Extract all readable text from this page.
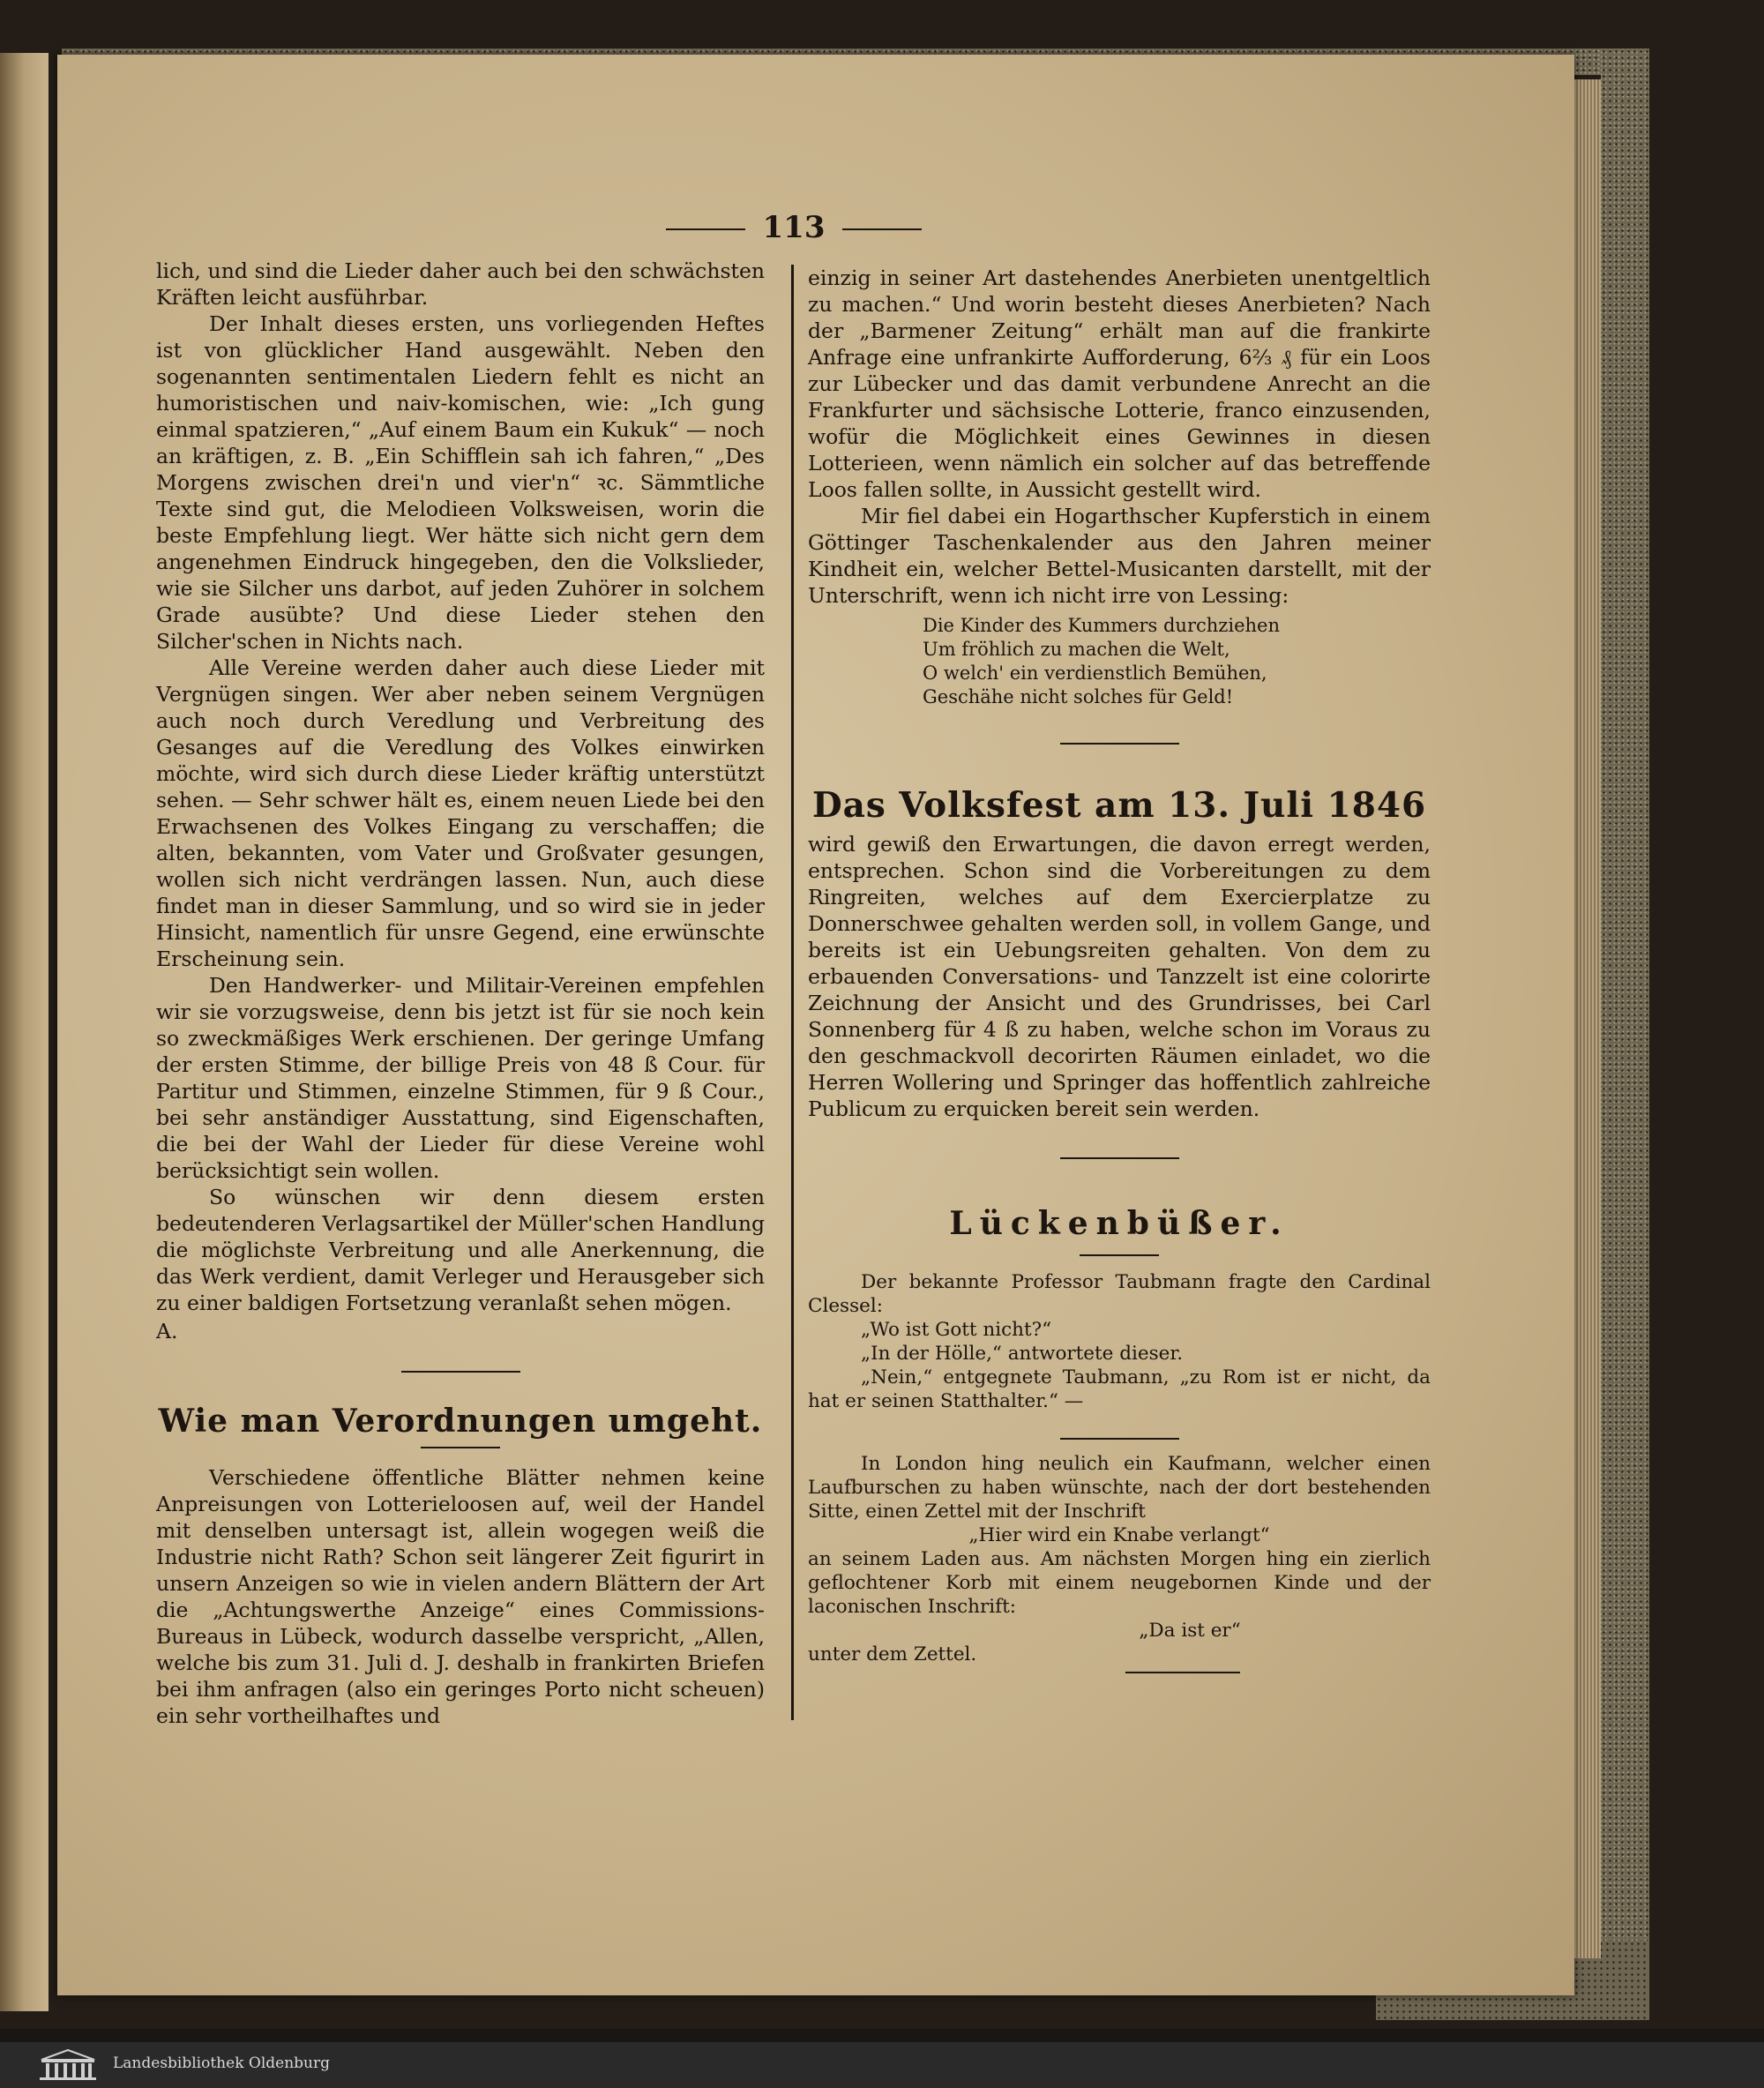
113

lich, und sind die Lieder daher auch bei den schwächsten Kräften leicht ausführbar.

Der Inhalt dieses ersten, uns vorliegenden Heftes ist von glücklicher Hand ausgewählt. Neben den sogenannten sentimentalen Liedern fehlt es nicht an humoristischen und naiv-komischen, wie: „Ich gung einmal spatzieren,“ „Auf einem Baum ein Kukuk“ — noch an kräftigen, z. B. „Ein Schifflein sah ich fahren,“ „Des Morgens zwischen drei'n und vier'n“ ꝛc. Sämmtliche Texte sind gut, die Melodieen Volksweisen, worin die beste Empfehlung liegt. Wer hätte sich nicht gern dem angenehmen Eindruck hingegeben, den die Volkslieder, wie sie Silcher uns darbot, auf jeden Zuhörer in solchem Grade ausübte? Und diese Lieder stehen den Silcher'schen in Nichts nach.

Alle Vereine werden daher auch diese Lieder mit Vergnügen singen. Wer aber neben seinem Vergnügen auch noch durch Veredlung und Verbreitung des Gesanges auf die Veredlung des Volkes einwirken möchte, wird sich durch diese Lieder kräftig unterstützt sehen. — Sehr schwer hält es, einem neuen Liede bei den Erwachsenen des Volkes Eingang zu verschaffen; die alten, bekannten, vom Vater und Großvater gesungen, wollen sich nicht verdrängen lassen. Nun, auch diese findet man in dieser Sammlung, und so wird sie in jeder Hinsicht, namentlich für unsre Gegend, eine erwünschte Erscheinung sein.

Den Handwerker- und Militair-Vereinen empfehlen wir sie vorzugsweise, denn bis jetzt ist für sie noch kein so zweckmäßiges Werk erschienen. Der geringe Umfang der ersten Stimme, der billige Preis von 48 ß Cour. für Partitur und Stimmen, einzelne Stimmen, für 9 ß Cour., bei sehr anständiger Ausstattung, sind Eigenschaften, die bei der Wahl der Lieder für diese Vereine wohl berücksichtigt sein wollen.

So wünschen wir denn diesem ersten bedeutenderen Verlagsartikel der Müller'schen Handlung die möglichste Verbreitung und alle Anerkennung, die das Werk verdient, damit Verleger und Herausgeber sich zu einer baldigen Fortsetzung veranlaßt sehen mögen.

A.

Wie man Verordnungen umgeht.

Verschiedene öffentliche Blätter nehmen keine Anpreisungen von Lotterieloosen auf, weil der Handel mit denselben untersagt ist, allein wogegen weiß die Industrie nicht Rath? Schon seit längerer Zeit figurirt in unsern Anzeigen so wie in vielen andern Blättern der Art die „Achtungswerthe Anzeige“ eines Commissions-Bureaus in Lübeck, wodurch dasselbe verspricht, „Allen, welche bis zum 31. Juli d. J. deshalb in frankirten Briefen bei ihm anfragen (also ein geringes Porto nicht scheuen) ein sehr vortheilhaftes und

einzig in seiner Art dastehendes Anerbieten unentgeltlich zu machen.“ Und worin besteht dieses Anerbieten? Nach der „Barmener Zeitung“ erhält man auf die frankirte Anfrage eine unfrankirte Aufforderung, 6⅔ ₰ für ein Loos zur Lübecker und das damit verbundene Anrecht an die Frankfurter und sächsische Lotterie, franco einzusenden, wofür die Möglichkeit eines Gewinnes in diesen Lotterieen, wenn nämlich ein solcher auf das betreffende Loos fallen sollte, in Aussicht gestellt wird.

Mir fiel dabei ein Hogarthscher Kupferstich in einem Göttinger Taschenkalender aus den Jahren meiner Kindheit ein, welcher Bettel-Musicanten darstellt, mit der Unterschrift, wenn ich nicht irre von Lessing:

Die Kinder des Kummers durchziehen
Um fröhlich zu machen die Welt,
O welch' ein verdienstlich Bemühen,
Geschähe nicht solches für Geld!
Das Volksfest am 13. Juli 1846

wird gewiß den Erwartungen, die davon erregt werden, entsprechen. Schon sind die Vorbereitungen zu dem Ringreiten, welches auf dem Exercierplatze zu Donnerschwee gehalten werden soll, in vollem Gange, und bereits ist ein Uebungsreiten gehalten. Von dem zu erbauenden Conversations- und Tanzzelt ist eine colorirte Zeichnung der Ansicht und des Grundrisses, bei Carl Sonnenberg für 4 ß zu haben, welche schon im Voraus zu den geschmackvoll decorirten Räumen einladet, wo die Herren Wollering und Springer das hoffentlich zahlreiche Publicum zu erquicken bereit sein werden.

Lückenbüßer.

Der bekannte Professor Taubmann fragte den Cardinal Clessel:

„Wo ist Gott nicht?“

„In der Hölle,“ antwortete dieser.

„Nein,“ entgegnete Taubmann, „zu Rom ist er nicht, da hat er seinen Statthalter.“ —

In London hing neulich ein Kaufmann, welcher einen Laufburschen zu haben wünschte, nach der dort bestehenden Sitte, einen Zettel mit der Inschrift

„Hier wird ein Knabe verlangt“

an seinem Laden aus. Am nächsten Morgen hing ein zierlich geflochtener Korb mit einem neugebornen Kinde und der laconischen Inschrift:

„Da ist er“

unter dem Zettel.

Landesbibliothek Oldenburg
